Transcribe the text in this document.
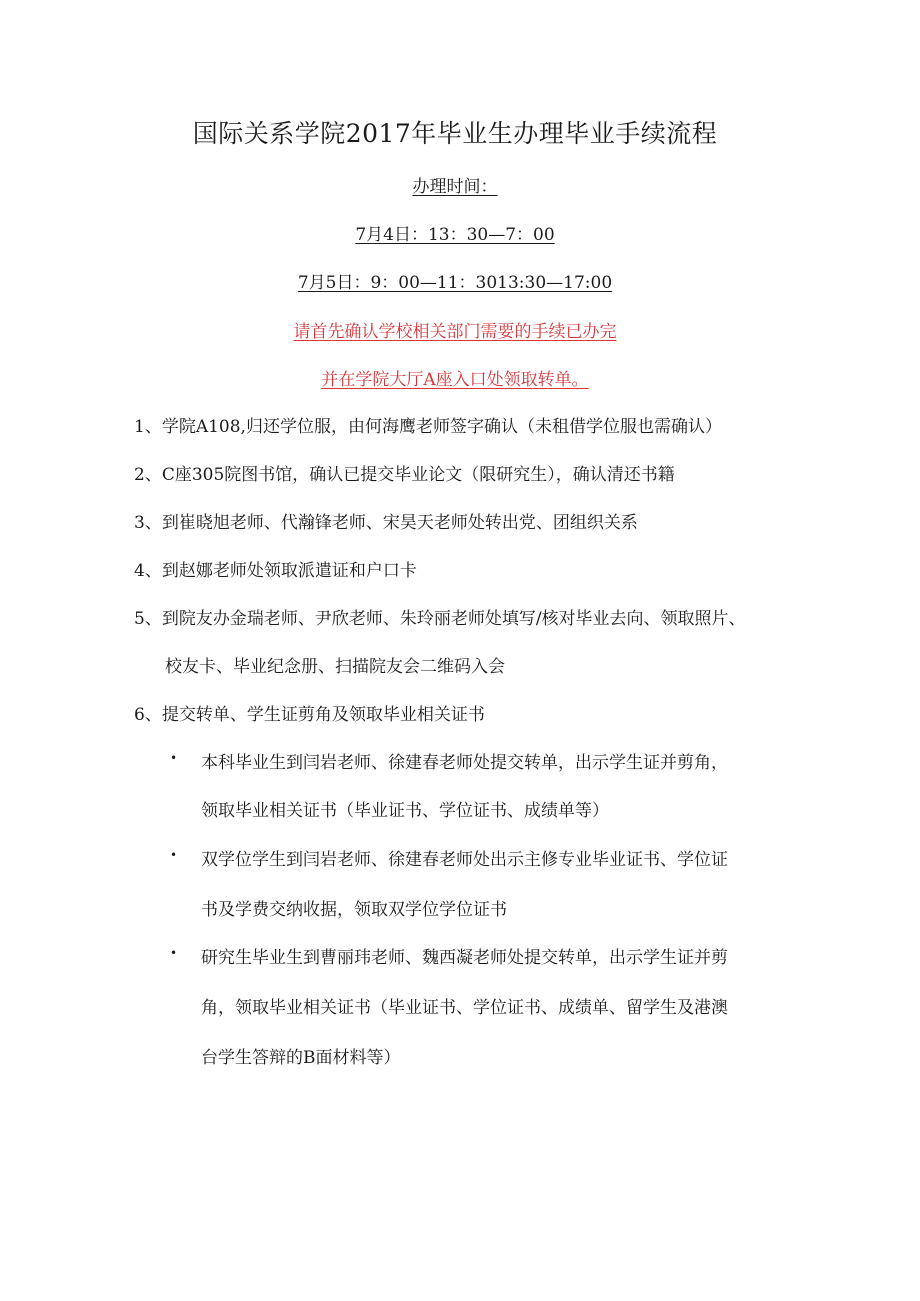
国际关系学院2017年毕业生办理毕业手续流程
办理时间：
7月4日：13：30—7：00
7月5日：9：00—11：3013:30—17:00
请首先确认学校相关部门需要的手续已办完
并在学院大厅A座入口处领取转单。
1、学院A108,归还学位服，由何海鹰老师签字确认（未租借学位服也需确认）
2、C座305院图书馆，确认已提交毕业论文（限研究生），确认清还书籍
3、到崔晓旭老师、代瀚锋老师、宋昊天老师处转出党、团组织关系
4、到赵娜老师处领取派遣证和户口卡
5、到院友办金瑞老师、尹欣老师、朱玲丽老师处填写/核对毕业去向、领取照片、
校友卡、毕业纪念册、扫描院友会二维码入会
6、提交转单、学生证剪角及领取毕业相关证书
• 本科毕业生到闫岩老师、徐建春老师处提交转单，出示学生证并剪角，
领取毕业相关证书（毕业证书、学位证书、成绩单等）
• 双学位学生到闫岩老师、徐建春老师处出示主修专业毕业证书、学位证
书及学费交纳收据，领取双学位学位证书
• 研究生毕业生到曹丽玮老师、魏西凝老师处提交转单，出示学生证并剪
角，领取毕业相关证书（毕业证书、学位证书、成绩单、留学生及港澳
台学生答辩的B面材料等）
